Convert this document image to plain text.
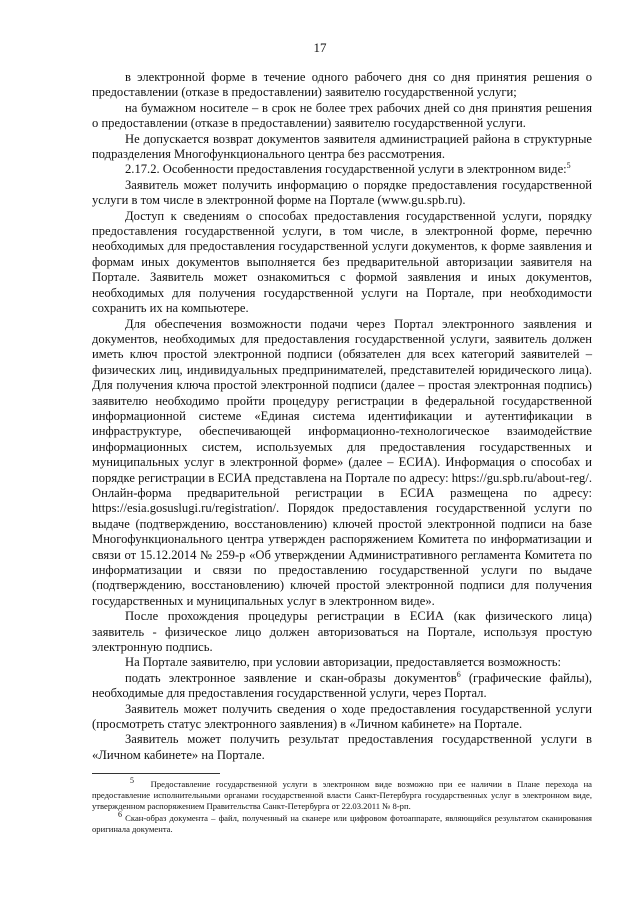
17

в электронной форме в течение одного рабочего дня со дня принятия решения о предоставлении (отказе в предоставлении) заявителю государственной услуги;

на бумажном носителе – в срок не более трех рабочих дней со дня принятия решения о предоставлении (отказе в предоставлении) заявителю государственной услуги.

Не допускается возврат документов заявителя администрацией района в структурные подразделения Многофункционального центра без рассмотрения.

2.17.2. Особенности предоставления государственной услуги в электронном виде:$^5$

Заявитель может получить информацию о порядке предоставления государственной услуги в том числе в электронной форме на Портале (www.gu.spb.ru).

Доступ к сведениям о способах предоставления государственной услуги, порядку предоставления государственной услуги, в том числе, в электронной форме, перечню необходимых для предоставления государственной услуги документов, к форме заявления и формам иных документов выполняется без предварительной авторизации заявителя на Портале. Заявитель может ознакомиться с формой заявления и иных документов, необходимых для получения государственной услуги на Портале, при необходимости сохранить их на компьютере.

Для обеспечения возможности подачи через Портал электронного заявления и документов, необходимых для предоставления государственной услуги, заявитель должен иметь ключ простой электронной подписи (обязателен для всех категорий заявителей – физических лиц, индивидуальных предпринимателей, представителей юридического лица). Для получения ключа простой электронной подписи (далее – простая электронная подпись) заявителю необходимо пройти процедуру регистрации в федеральной государственной информационной системе «Единая система идентификации и аутентификации в инфраструктуре, обеспечивающей информационно-технологическое взаимодействие информационных систем, используемых для предоставления государственных и муниципальных услуг в электронной форме» (далее – ЕСИА). Информация о способах и порядке регистрации в ЕСИА представлена на Портале по адресу: https://gu.spb.ru/about-reg/. Онлайн-форма предварительной регистрации в ЕСИА размещена по адресу: https://esia.gosuslugi.ru/registration/. Порядок предоставления государственной услуги по выдаче (подтверждению, восстановлению) ключей простой электронной подписи на базе Многофункционального центра утвержден распоряжением Комитета по информатизации и связи от 15.12.2014 № 259-р «Об утверждении Административного регламента Комитета по информатизации и связи по предоставлению государственной услуги по выдаче (подтверждению, восстановлению) ключей простой электронной подписи для получения государственных и муниципальных услуг в электронном виде».

После прохождения процедуры регистрации в ЕСИА (как физического лица) заявитель - физическое лицо должен авторизоваться на Портале, используя простую электронную подпись.

На Портале заявителю, при условии авторизации, предоставляется возможность:

подать электронное заявление и скан-образы документов$^6$ (графические файлы), необходимые для предоставления государственной услуги, через Портал.

Заявитель может получить сведения о ходе предоставления государственной услуги (просмотреть статус электронного заявления) в «Личном кабинете» на Портале.

Заявитель может получить результат предоставления государственной услуги в «Личном кабинете» на Портале.

$^5$ Предоставление государственной услуги в электронном виде возможно при ее наличии в Плане перехода на предоставление исполнительными органами государственной власти Санкт-Петербурга государственных услуг в электронном виде, утвержденном распоряжением Правительства Санкт-Петербурга от 22.03.2011 № 8-рп.

$^6$ Скан-образ документа – файл, полученный на сканере или цифровом фотоаппарате, являющийся результатом сканирования оригинала документа.
